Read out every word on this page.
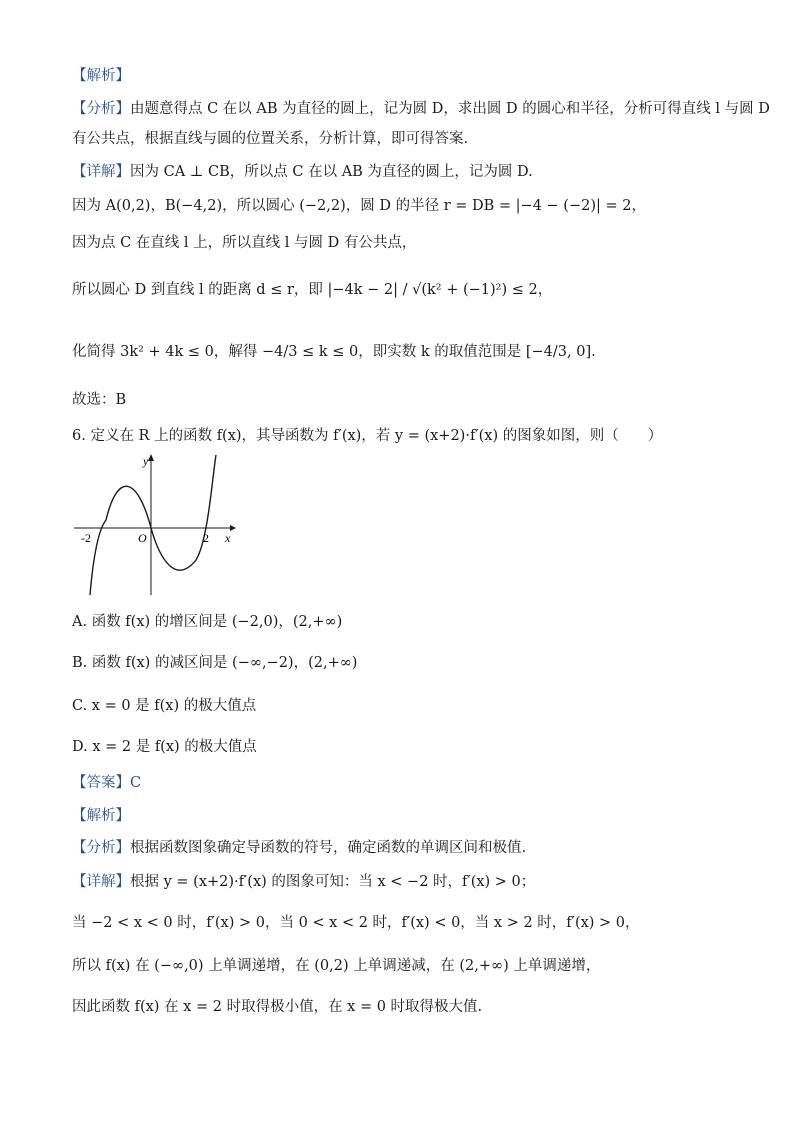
【解析】
【分析】由题意得点 C 在以 AB 为直径的圆上，记为圆 D，求出圆 D 的圆心和半径，分析可得直线 l 与圆 D
有公共点，根据直线与圆的位置关系，分析计算，即可得答案.
【详解】因为 CA ⊥ CB，所以点 C 在以 AB 为直径的圆上，记为圆 D.
因为 A(0,2)，B(−4,2)，所以圆心 (−2,2)，圆 D 的半径 r = DB = |−4 − (−2)| = 2，
因为点 C 在直线 l 上，所以直线 l 与圆 D 有公共点，
所以圆心 D 到直线 l 的距离 d ≤ r，即 |−4k − 2| / √(k² + (−1)²) ≤ 2，
化简得 3k² + 4k ≤ 0，解得 −4/3 ≤ k ≤ 0，即实数 k 的取值范围是 [−4/3, 0].
故选：B
6. 定义在 R 上的函数 f(x)，其导函数为 f′(x)，若 y = (x+2)·f′(x) 的图象如图，则（　　）
y
x
O
-2	2
A. 函数 f(x) 的增区间是 (−2,0)，(2,+∞)
B. 函数 f(x) 的减区间是 (−∞,−2)，(2,+∞)
C. x = 0 是 f(x) 的极大值点
D. x = 2 是 f(x) 的极大值点
【答案】C
【解析】
【分析】根据函数图象确定导函数的符号，确定函数的单调区间和极值.
【详解】根据 y = (x+2)·f′(x) 的图象可知：当 x < −2 时，f′(x) > 0；
当 −2 < x < 0 时，f′(x) > 0，当 0 < x < 2 时，f′(x) < 0，当 x > 2 时，f′(x) > 0，
所以 f(x) 在 (−∞,0) 上单调递增，在 (0,2) 上单调递减，在 (2,+∞) 上单调递增，
因此函数 f(x) 在 x = 2 时取得极小值，在 x = 0 时取得极大值.
